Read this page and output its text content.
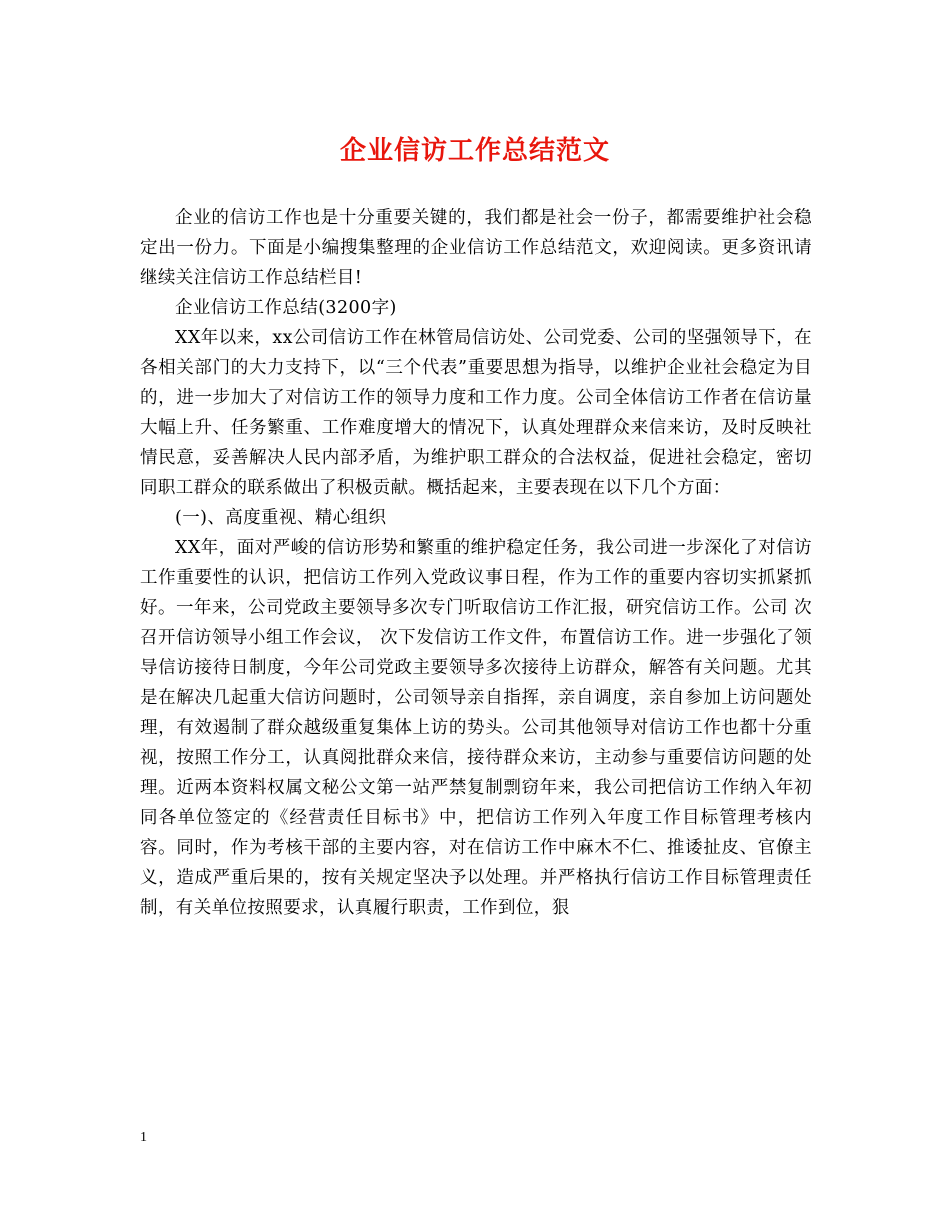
企业信访工作总结范文

企业的信访工作也是十分重要关键的，我们都是社会一份子，都需要维护社会稳定出一份力。下面是小编搜集整理的企业信访工作总结范文，欢迎阅读。更多资讯请继续关注信访工作总结栏目!

企业信访工作总结(3200字)

XX年以来，xx公司信访工作在林管局信访处、公司党委、公司的坚强领导下，在各相关部门的大力支持下，以“三个代表”重要思想为指导，以维护企业社会稳定为目的，进一步加大了对信访工作的领导力度和工作力度。公司全体信访工作者在信访量大幅上升、任务繁重、工作难度增大的情况下，认真处理群众来信来访，及时反映社情民意，妥善解决人民内部矛盾，为维护职工群众的合法权益，促进社会稳定，密切同职工群众的联系做出了积极贡献。概括起来，主要表现在以下几个方面：

(一)、高度重视、精心组织

XX年，面对严峻的信访形势和繁重的维护稳定任务，我公司进一步深化了对信访工作重要性的认识，把信访工作列入党政议事日程，作为工作的重要内容切实抓紧抓好。一年来，公司党政主要领导多次专门听取信访工作汇报，研究信访工作。公司 次召开信访领导小组工作会议， 次下发信访工作文件，布置信访工作。进一步强化了领导信访接待日制度，今年公司党政主要领导多次接待上访群众，解答有关问题。尤其是在解决几起重大信访问题时，公司领导亲自指挥，亲自调度，亲自参加上访问题处理，有效遏制了群众越级重复集体上访的势头。公司其他领导对信访工作也都十分重视，按照工作分工，认真阅批群众来信，接待群众来访，主动参与重要信访问题的处理。近两本资料权属文秘公文第一站严禁复制剽窃年来，我公司把信访工作纳入年初同各单位签定的《经营责任目标书》中，把信访工作列入年度工作目标管理考核内容。同时，作为考核干部的主要内容，对在信访工作中麻木不仁、推诿扯皮、官僚主义，造成严重后果的，按有关规定坚决予以处理。并严格执行信访工作目标管理责任制，有关单位按照要求，认真履行职责，工作到位，狠

1
